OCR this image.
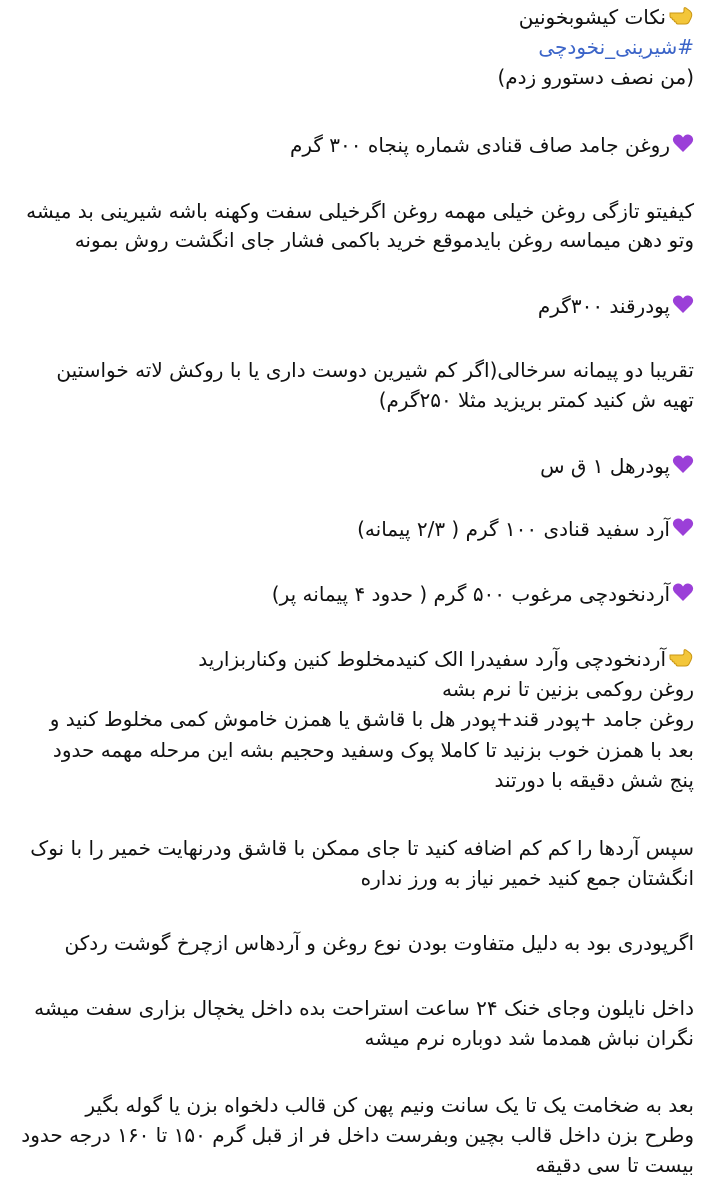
نکات کیشوبخونین
#شیرینی_نخودچی
(من نصف دستورو زدم)
روغن جامد صاف قنادی شماره پنجاه ۳۰۰ گرم
کیفیتو تازگی روغن خیلی مهمه روغن اگرخیلی سفت وکهنه باشه شیرینی بد میشه
وتو دهن میماسه روغن بایدموقع خرید باکمی فشار جای انگشت روش بمونه
پودرقند ۳۰۰گرم
تقریبا دو پیمانه سرخالی(اگر کم شیرین دوست داری یا با روکش لاته خواستین
تهیه ش کنید کمتر بریزید مثلا ۲۵۰گرم)
پودرهل ۱ ق س
آرد سفید قنادی ۱۰۰ گرم ( ۲/۳ پیمانه)
آردنخودچی مرغوب ۵۰۰ گرم ( حدود ۴ پیمانه پر)
آردنخودچی وآرد سفیدرا الک کنیدمخلوط کنین وکناربزارید
روغن روکمی بزنین تا نرم بشه
روغن جامد +پودر قند+پودر هل با قاشق یا همزن خاموش کمی مخلوط کنید و
بعد با همزن خوب بزنید تا کاملا پوک وسفید وحجیم بشه این مرحله مهمه حدود
پنج شش دقیقه با دورتند
سپس آردها را کم کم اضافه کنید تا جای ممکن با قاشق ودرنهایت خمیر را با نوک
انگشتان جمع کنید خمیر نیاز به ورز نداره
اگرپودری بود به دلیل متفاوت بودن نوع روغن و آردهاس ازچرخ گوشت ردکن
داخل نایلون وجای خنک ۲۴ ساعت استراحت بده داخل یخچال بزاری سفت میشه
نگران نباش همدما شد دوباره نرم میشه
بعد به ضخامت یک تا یک سانت ونیم پهن کن قالب دلخواه بزن یا گوله بگیر
وطرح بزن داخل قالب بچین وبفرست داخل فر از قبل گرم ۱۵۰ تا ۱۶۰ درجه حدود
بیست تا سی دقیقه
